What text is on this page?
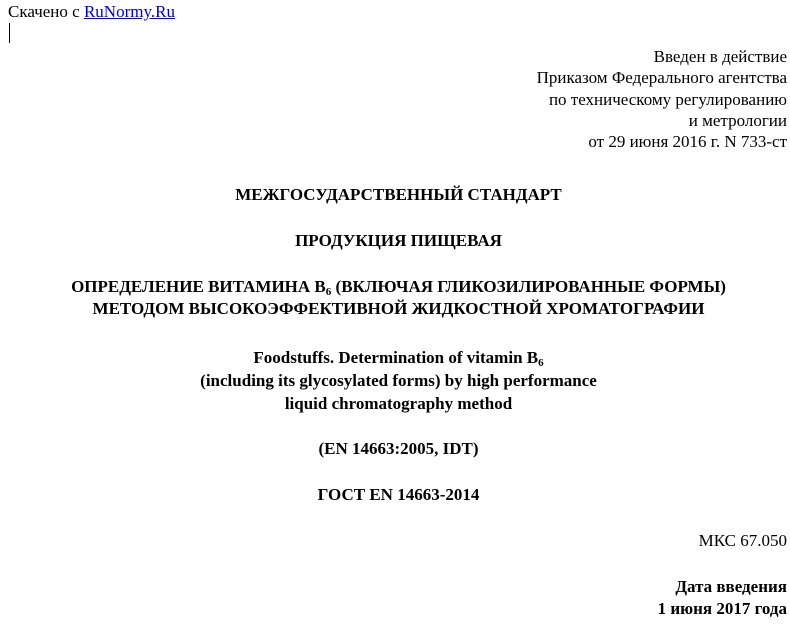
Скачено с RuNormy.Ru
Введен в действие
Приказом Федерального агентства
по техническому регулированию
и метрологии
от 29 июня 2016 г. N 733-ст
МЕЖГОСУДАРСТВЕННЫЙ СТАНДАРТ
ПРОДУКЦИЯ ПИЩЕВАЯ
ОПРЕДЕЛЕНИЕ ВИТАМИНА $В_6$ (ВКЛЮЧАЯ ГЛИКОЗИЛИРОВАННЫЕ ФОРМЫ)
МЕТОДОМ ВЫСОКОЭФФЕКТИВНОЙ ЖИДКОСТНОЙ ХРОМАТОГРАФИИ
Foodstuffs. Determination of vitamin $B_6$
(including its glycosylated forms) by high performance
liquid chromatography method
(EN 14663:2005, IDT)
ГОСТ EN 14663-2014
МКС 67.050
Дата введения
1 июня 2017 года
